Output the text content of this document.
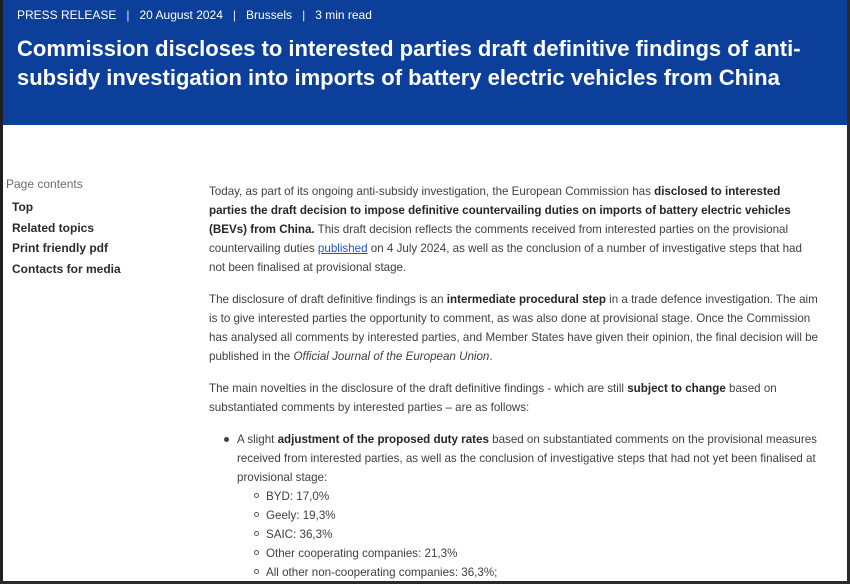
PRESS RELEASE | 20 August 2024 | Brussels | 3 min read
Commission discloses to interested parties draft definitive findings of anti-subsidy investigation into imports of battery electric vehicles from China
Page contents
Top
Related topics
Print friendly pdf
Contacts for media

Today, as part of its ongoing anti-subsidy investigation, the European Commission has disclosed to interested parties the draft decision to impose definitive countervailing duties on imports of battery electric vehicles (BEVs) from China. This draft decision reflects the comments received from interested parties on the provisional countervailing duties published on 4 July 2024, as well as the conclusion of a number of investigative steps that had not been finalised at provisional stage.

The disclosure of draft definitive findings is an intermediate procedural step in a trade defence investigation. The aim is to give interested parties the opportunity to comment, as was also done at provisional stage. Once the Commission has analysed all comments by interested parties, and Member States have given their opinion, the final decision will be published in the Official Journal of the European Union.

The main novelties in the disclosure of the draft definitive findings - which are still subject to change based on substantiated comments by interested parties – are as follows:

A slight adjustment of the proposed duty rates based on substantiated comments on the provisional measures received from interested parties, as well as the conclusion of investigative steps that had not yet been finalised at provisional stage:
BYD: 17,0%
Geely: 19,3%
SAIC: 36,3%
Other cooperating companies: 21,3%
All other non-cooperating companies: 36,3%;
